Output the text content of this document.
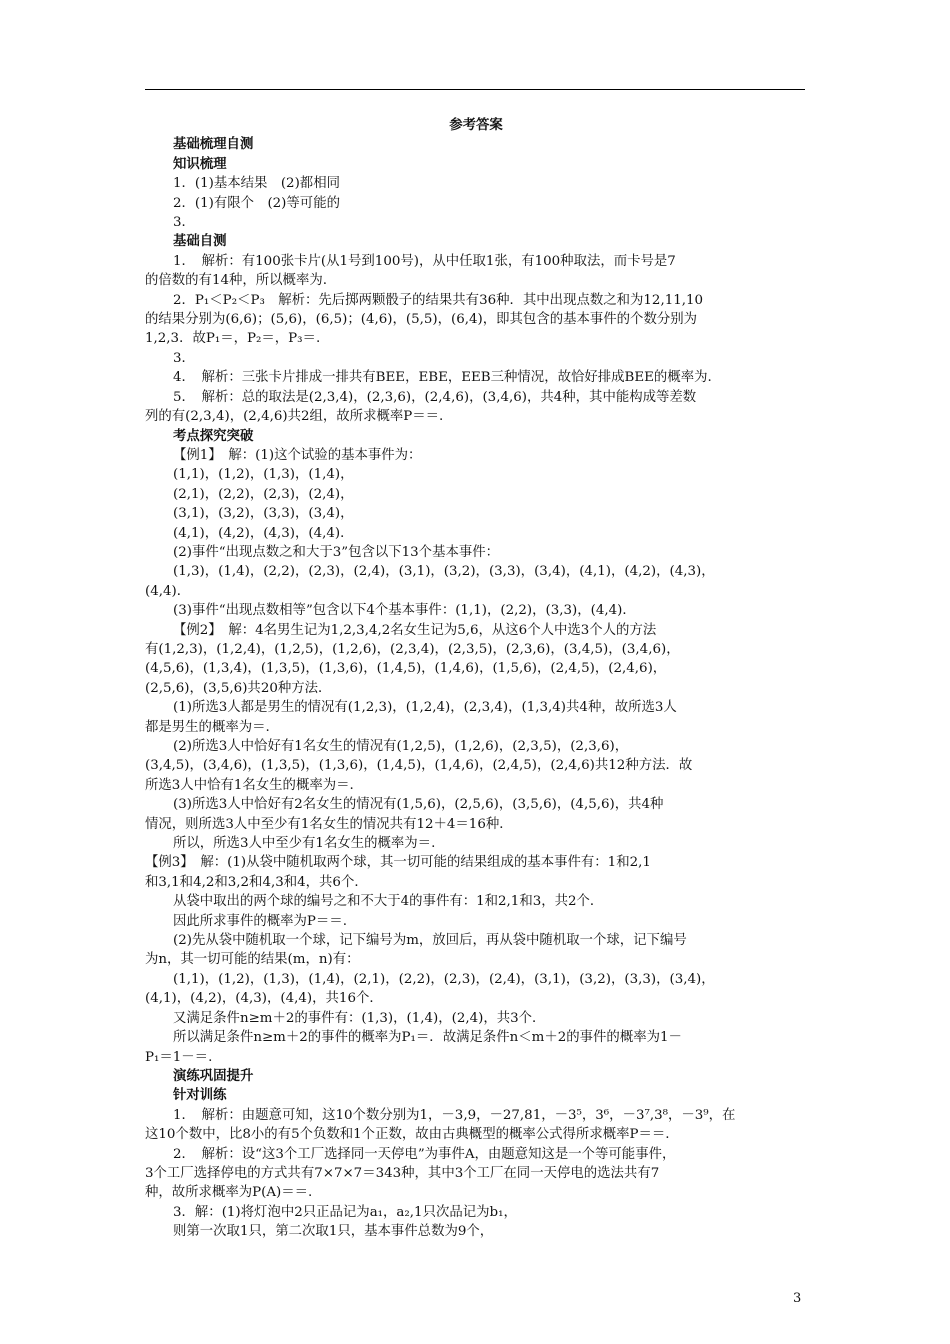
参考答案
基础梳理自测
知识梳理
1．(1)基本结果　(2)都相同
2．(1)有限个　(2)等可能的
3．
基础自测
1．　解析：有100张卡片(从1号到100号)，从中任取1张，有100种取法，而卡号是7
的倍数的有14种，所以概率为.
2．P₁＜P₂＜P₃　解析：先后掷两颗骰子的结果共有36种．其中出现点数之和为12,11,10
的结果分别为(6,6)；(5,6)，(6,5)；(4,6)，(5,5)，(6,4)，即其包含的基本事件的个数分别为
1,2,3．故P₁＝，P₂＝，P₃＝.
3．
4．　解析：三张卡片排成一排共有BEE，EBE，EEB三种情况，故恰好排成BEE的概率为.
5．　解析：总的取法是(2,3,4)，(2,3,6)，(2,4,6)，(3,4,6)，共4种，其中能构成等差数
列的有(2,3,4)，(2,4,6)共2组，故所求概率P＝＝.
考点探究突破
【例1】　解：(1)这个试验的基本事件为：
(1,1)，(1,2)，(1,3)，(1,4)，
(2,1)，(2,2)，(2,3)，(2,4)，
(3,1)，(3,2)，(3,3)，(3,4)，
(4,1)，(4,2)，(4,3)，(4,4)．
(2)事件“出现点数之和大于3”包含以下13个基本事件：
(1,3)，(1,4)，(2,2)，(2,3)，(2,4)，(3,1)，(3,2)，(3,3)，(3,4)，(4,1)，(4,2)，(4,3)，
(4,4)．
(3)事件“出现点数相等”包含以下4个基本事件：(1,1)，(2,2)，(3,3)，(4,4)．
【例2】　解：4名男生记为1,2,3,4,2名女生记为5,6，从这6个人中选3个人的方法
有(1,2,3)，(1,2,4)，(1,2,5)，(1,2,6)，(2,3,4)，(2,3,5)，(2,3,6)，(3,4,5)，(3,4,6)，
(4,5,6)，(1,3,4)，(1,3,5)，(1,3,6)，(1,4,5)，(1,4,6)，(1,5,6)，(2,4,5)，(2,4,6)，
(2,5,6)，(3,5,6)共20种方法．
(1)所选3人都是男生的情况有(1,2,3)，(1,2,4)，(2,3,4)，(1,3,4)共4种，故所选3人
都是男生的概率为＝.
(2)所选3人中恰好有1名女生的情况有(1,2,5)，(1,2,6)，(2,3,5)，(2,3,6)，
(3,4,5)，(3,4,6)，(1,3,5)，(1,3,6)，(1,4,5)，(1,4,6)，(2,4,5)，(2,4,6)共12种方法．故
所选3人中恰有1名女生的概率为＝.
(3)所选3人中恰好有2名女生的情况有(1,5,6)，(2,5,6)，(3,5,6)，(4,5,6)，共4种
情况，则所选3人中至少有1名女生的情况共有12＋4＝16种．
所以，所选3人中至少有1名女生的概率为＝.
【例3】　解：(1)从袋中随机取两个球，其一切可能的结果组成的基本事件有：1和2,1
和3,1和4,2和3,2和4,3和4，共6个．
从袋中取出的两个球的编号之和不大于4的事件有：1和2,1和3，共2个．
因此所求事件的概率为P＝＝.
(2)先从袋中随机取一个球，记下编号为m，放回后，再从袋中随机取一个球，记下编号
为n，其一切可能的结果(m，n)有：
(1,1)，(1,2)，(1,3)，(1,4)，(2,1)，(2,2)，(2,3)，(2,4)，(3,1)，(3,2)，(3,3)，(3,4)，
(4,1)，(4,2)，(4,3)，(4,4)，共16个．
又满足条件n≥m＋2的事件有：(1,3)，(1,4)，(2,4)，共3个．
所以满足条件n≥m＋2的事件的概率为P₁＝．故满足条件n＜m＋2的事件的概率为1－
P₁＝1－＝.
演练巩固提升
针对训练
1．　解析：由题意可知，这10个数分别为1，－3,9，－27,81，－3⁵，3⁶，－3⁷,3⁸，－3⁹，在
这10个数中，比8小的有5个负数和1个正数，故由古典概型的概率公式得所求概率P＝＝.
2．　解析：设“这3个工厂选择同一天停电”为事件A，由题意知这是一个等可能事件，
3个工厂选择停电的方式共有7×7×7＝343种，其中3个工厂在同一天停电的选法共有7
种，故所求概率为P(A)＝＝.
3．解：(1)将灯泡中2只正品记为a₁，a₂,1只次品记为b₁，
则第一次取1只，第二次取1只，基本事件总数为9个，
3
